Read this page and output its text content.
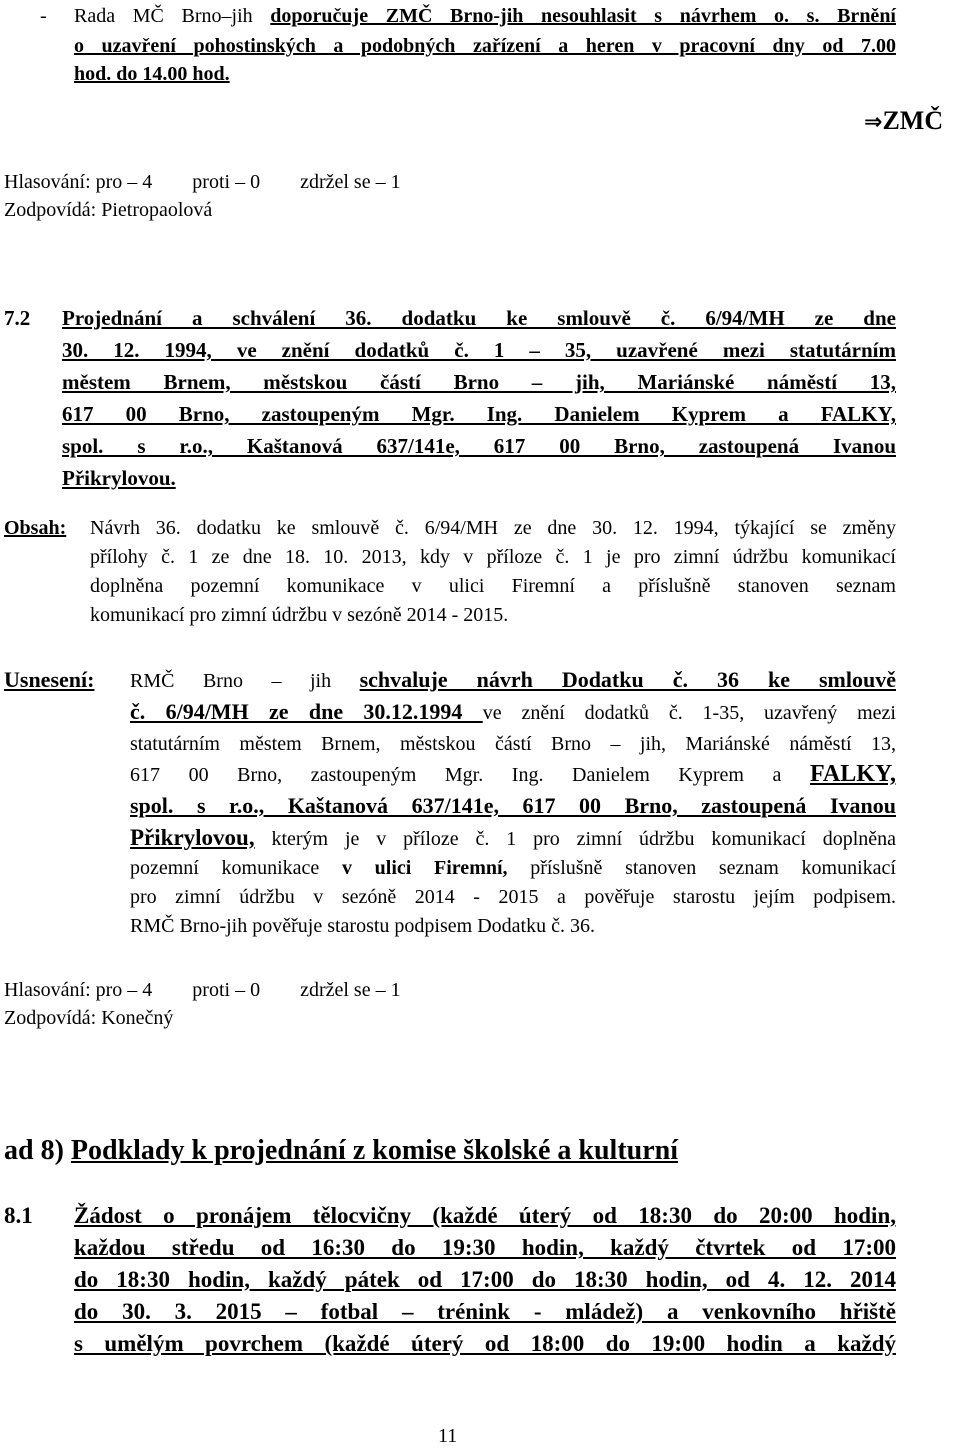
- Rada MČ Brno–jih doporučuje ZMČ Brno-jih nesouhlasit s návrhem o. s. Brnění
o uzavření pohostinských a podobných zařízení a heren v pracovní dny od 7.00
hod. do 14.00 hod.
⇒ZMČ
Hlasování: pro – 4        proti – 0        zdržel se – 1
Zodpovídá: Pietropaolová
7.2 Projednání a schválení 36. dodatku ke smlouvě č. 6/94/MH ze dne
30. 12. 1994, ve znění dodatků č. 1 – 35, uzavřené mezi statutárním
městem Brnem, městskou částí Brno – jih, Mariánské náměstí 13,
617 00 Brno, zastoupeným Mgr. Ing. Danielem Kyprem a FALKY,
spol. s r.o., Kaštanová 637/141e, 617 00 Brno, zastoupená Ivanou
Přikrylovou.
Obsah: Návrh 36. dodatku ke smlouvě č. 6/94/MH ze dne 30. 12. 1994, týkající se změny
přílohy č. 1 ze dne 18. 10. 2013, kdy v příloze č. 1 je pro zimní údržbu komunikací
doplněna pozemní komunikace v ulici Firemní a příslušně stanoven seznam
komunikací pro zimní údržbu v sezóně 2014 - 2015.
Usnesení: RMČ Brno – jih schvaluje návrh Dodatku č. 36 ke smlouvě
č. 6/94/MH ze dne 30.12.1994 ve znění dodatků č. 1-35, uzavřený mezi
statutárním městem Brnem, městskou částí Brno – jih, Mariánské náměstí 13,
617 00 Brno, zastoupeným Mgr. Ing. Danielem Kyprem a FALKY,
spol. s r.o., Kaštanová 637/141e, 617 00 Brno, zastoupená Ivanou
Přikrylovou, kterým je v příloze č. 1 pro zimní údržbu komunikací doplněna
pozemní komunikace v ulici Firemní, příslušně stanoven seznam komunikací
pro zimní údržbu v sezóně 2014 - 2015 a pověřuje starostu jejím podpisem.
RMČ Brno-jih pověřuje starostu podpisem Dodatku č. 36.
Hlasování: pro – 4        proti – 0        zdržel se – 1
Zodpovídá: Konečný
ad 8) Podklady k projednání z komise školské a kulturní
8.1 Žádost o pronájem tělocvičny (každé úterý od 18:30 do 20:00 hodin,
každou středu od 16:30 do 19:30 hodin, každý čtvrtek od 17:00
do 18:30 hodin, každý pátek od 17:00 do 18:30 hodin, od 4. 12. 2014
do 30. 3. 2015 – fotbal – trénink - mládež) a venkovního hřiště
s umělým povrchem (každé úterý od 18:00 do 19:00 hodin a každý
11
